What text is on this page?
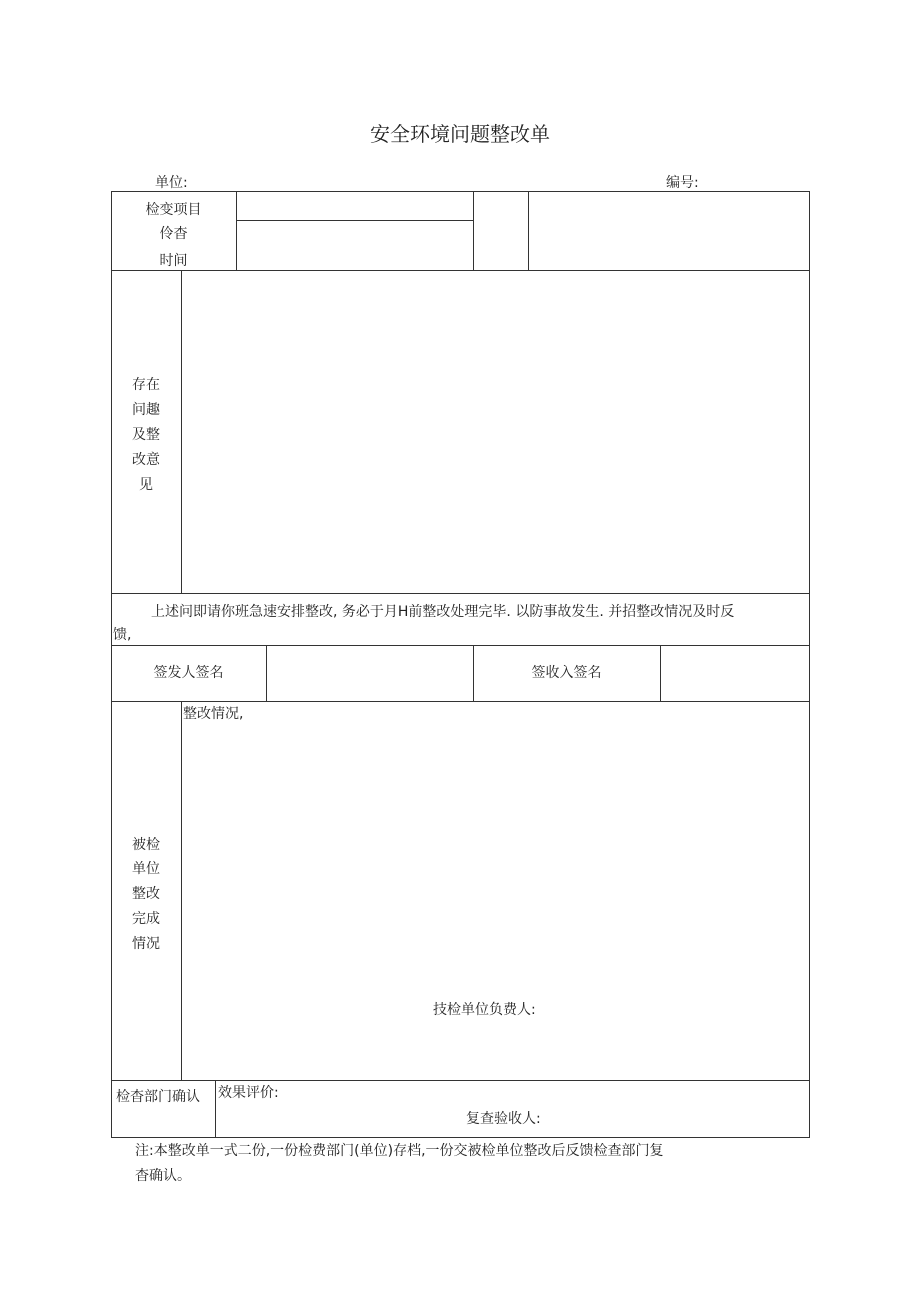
安全环境问题整改单
单位:	编号:
检变项目
伶杳
时间
存在
问趣
及整
改意
见
上述问即请你班急速安排整改, 务必于月H前整改处理完毕. 以防事故发生. 并招整改情况及时反
馈,
签发人签名	签收入签名
被检
单位
整改
完成
情况
整改情况,
技检单位负费人:
检杳部门确认 效果评价:
复查验收人:
注:本整改单一式二份,一份检费部门(单位)存档,一份交被检单位整改后反馈检查部门复
杳确认。
